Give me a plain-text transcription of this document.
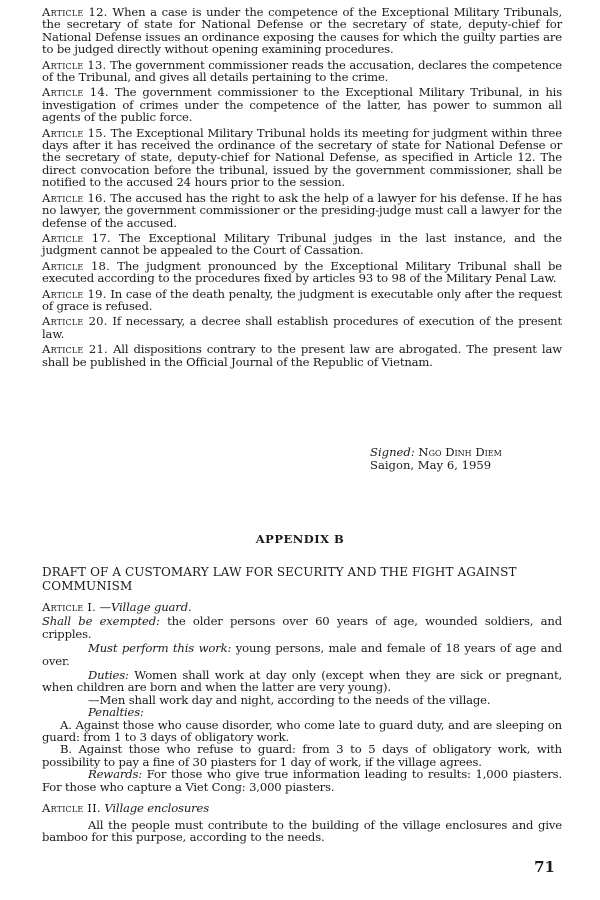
Article 12. When a case is under the competence of the Exceptional Military Tribunals, the secretary of state for National Defense or the secretary of state, deputy-chief for National Defense issues an ordinance exposing the causes for which the guilty parties are to be judged directly without opening examining procedures.

Article 13. The government commissioner reads the accusation, declares the competence of the Tribunal, and gives all details pertaining to the crime.

Article 14. The government commissioner to the Exceptional Military Tribunal, in his investigation of crimes under the competence of the latter, has power to summon all agents of the public force.

Article 15. The Exceptional Military Tribunal holds its meeting for judgment within three days after it has received the ordinance of the secretary of state for National Defense or the secretary of state, deputy-chief for National Defense, as specified in Article 12. The direct convocation before the tribunal, issued by the government commissioner, shall be notified to the accused 24 hours prior to the session.

Article 16. The accused has the right to ask the help of a lawyer for his defense. If he has no lawyer, the government commissioner or the presiding-judge must call a lawyer for the defense of the accused.

Article 17. The Exceptional Military Tribunal judges in the last instance, and the judgment cannot be appealed to the Court of Cassation.

Article 18. The judgment pronounced by the Exceptional Military Tribunal shall be executed according to the procedures fixed by articles 93 to 98 of the Military Penal Law.

Article 19. In case of the death penalty, the judgment is executable only after the request of grace is refused.

Article 20. If necessary, a decree shall establish procedures of execution of the present law.

Article 21. All dispositions contrary to the present law are abrogated. The present law shall be published in the Official Journal of the Republic of Vietnam.

Signed: Ngo Dinh Diem
Saigon, May 6, 1959
APPENDIX B
DRAFT OF A CUSTOMARY LAW FOR SECURITY AND THE FIGHT AGAINST COMMUNISM

Article I. —Village guard.

Shall be exempted: the older persons over 60 years of age, wounded soldiers, and cripples.

Must perform this work: young persons, male and female of 18 years of age and over.

Duties: Women shall work at day only (except when they are sick or pregnant, when children are born and when the latter are very young).

—Men shall work day and night, according to the needs of the village.

Penalties:

A. Against those who cause disorder, who come late to guard duty, and are sleeping on guard: from 1 to 3 days of obligatory work.

B. Against those who refuse to guard: from 3 to 5 days of obligatory work, with possibility to pay a fine of 30 piasters for 1 day of work, if the village agrees.

Rewards: For those who give true information leading to results: 1,000 piasters. For those who capture a Viet Cong: 3,000 piasters.

Article II. Village enclosures

All the people must contribute to the building of the village enclosures and give bamboo for this purpose, according to the needs.

71
